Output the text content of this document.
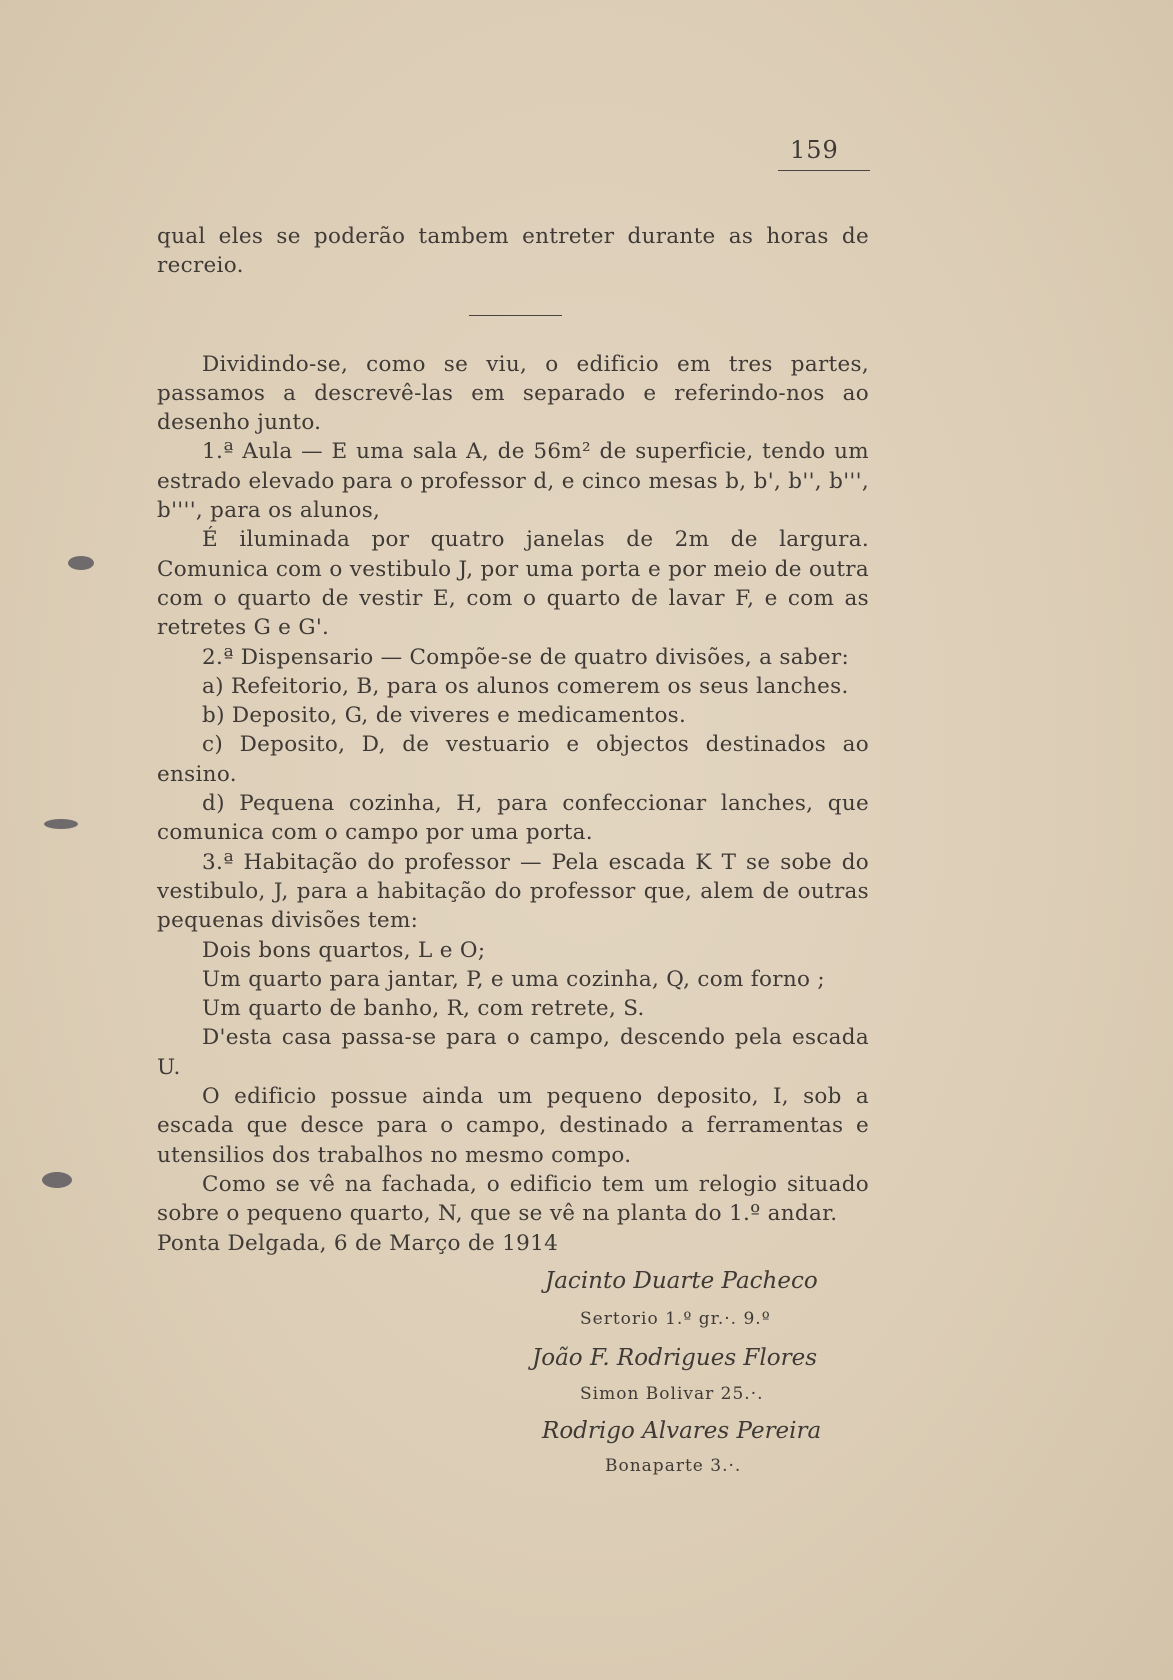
159

qual eles se poderão tambem entreter durante as horas de recreio.

Dividindo-se, como se viu, o edificio em tres partes, passamos a descrevê-las em separado e referindo-nos ao desenho junto.

1.ª Aula — E uma sala A, de 56m² de superficie, tendo um estrado elevado para o professor d, e cinco mesas b, b', b'', b''', b'''', para os alunos,

É iluminada por quatro janelas de 2m de largura. Comunica com o vestibulo J, por uma porta e por meio de outra com o quarto de vestir E, com o quarto de lavar F, e com as retretes G e G'.

2.ª Dispensario — Compõe-se de quatro divisões, a saber:

a) Refeitorio, B, para os alunos comerem os seus lanches.

b) Deposito, G, de viveres e medicamentos.

c) Deposito, D, de vestuario e objectos destinados ao ensino.

d) Pequena cozinha, H, para confeccionar lanches, que comunica com o campo por uma porta.

3.ª Habitação do professor — Pela escada K T se sobe do vestibulo, J, para a habitação do professor que, alem de outras pequenas divisões tem:

Dois bons quartos, L e O;

Um quarto para jantar, P, e uma cozinha, Q, com forno ;

Um quarto de banho, R, com retrete, S.

D'esta casa passa-se para o campo, descendo pela escada U.

O edificio possue ainda um pequeno deposito, I, sob a escada que desce para o campo, destinado a ferramentas e utensilios dos trabalhos no mesmo compo.

Como se vê na fachada, o edificio tem um relogio situado sobre o pequeno quarto, N, que se vê na planta do 1.º andar.

Ponta Delgada, 6 de Março de 1914

Jacinto Duarte Pacheco
Sertorio 1.º gr.·. 9.º
João F. Rodrigues Flores
Simon Bolivar 25.·.
Rodrigo Alvares Pereira
Bonaparte 3.·.
